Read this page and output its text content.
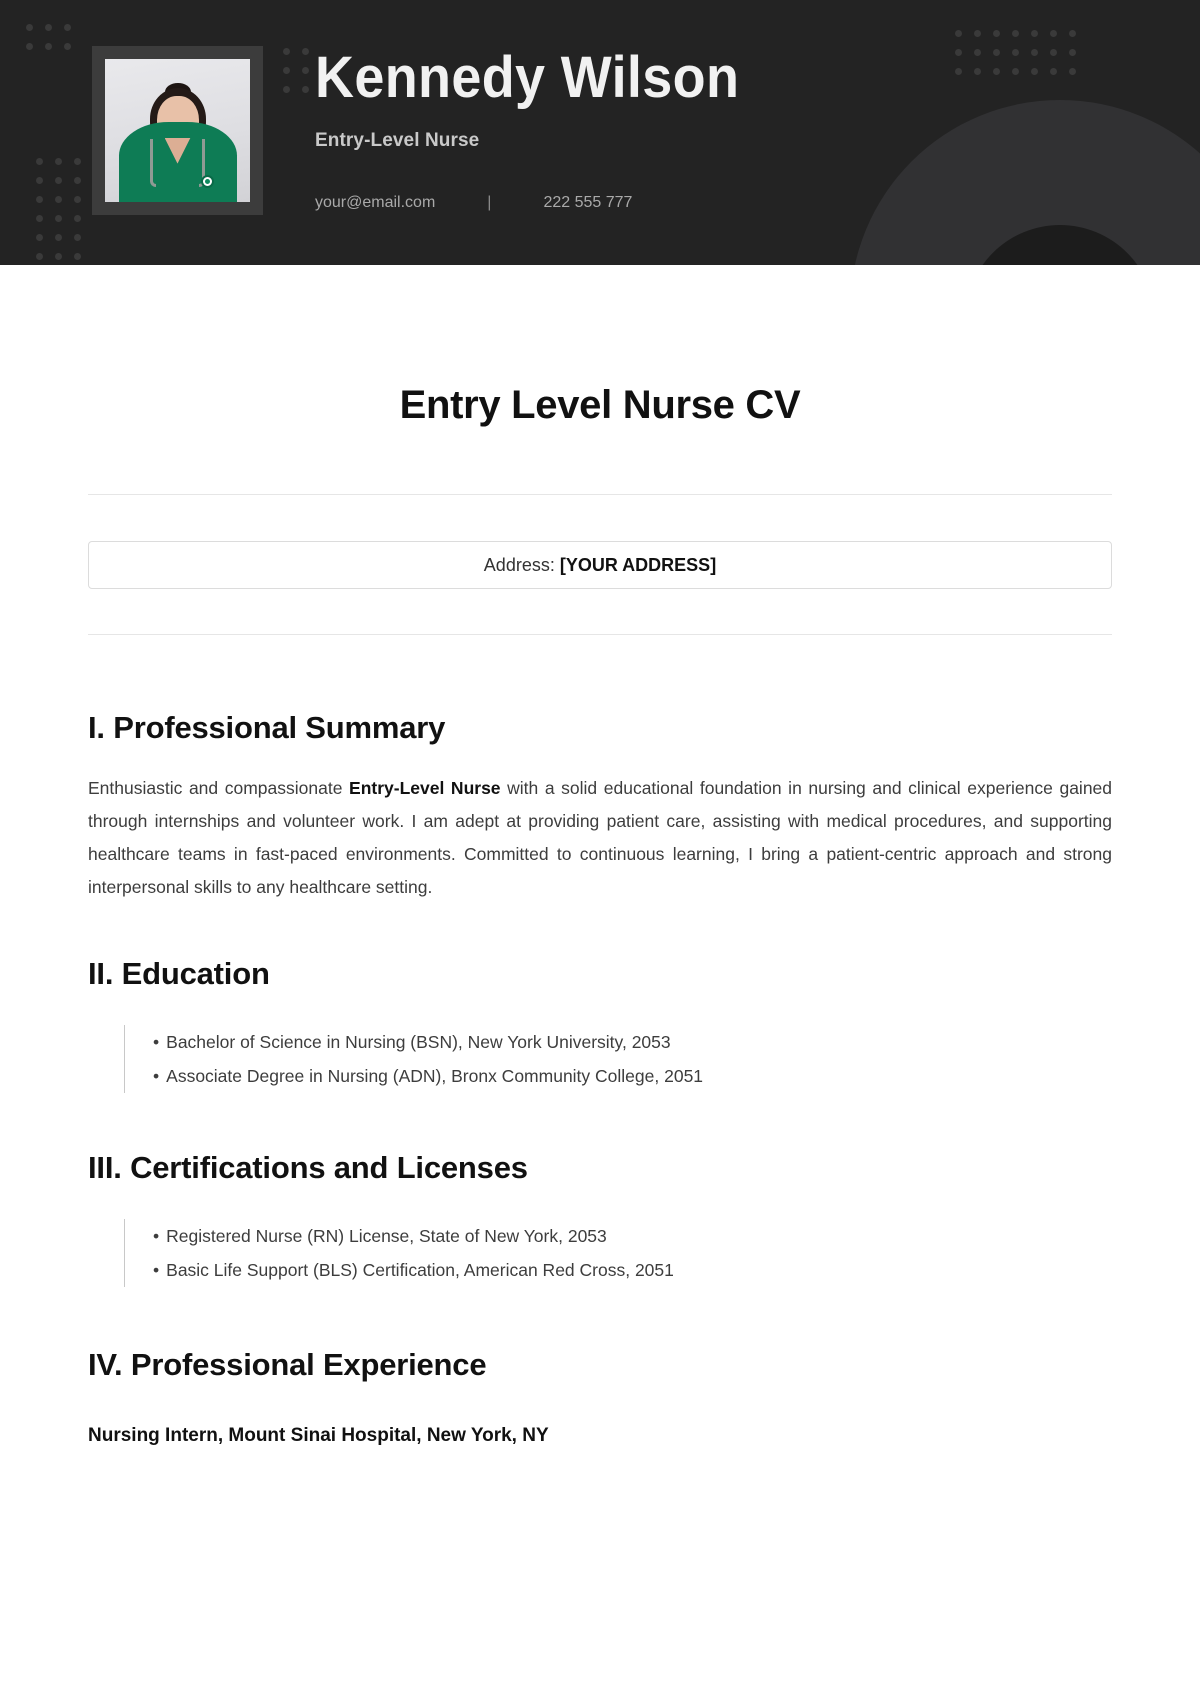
Kennedy Wilson
Entry-Level Nurse
your@email.com	|	222 555 777
Entry Level Nurse CV
Address: [YOUR ADDRESS]
I. Professional Summary

Enthusiastic and compassionate Entry-Level Nurse with a solid educational foundation in nursing and clinical experience gained through internships and volunteer work. I am adept at providing patient care, assisting with medical procedures, and supporting healthcare teams in fast-paced environments. Committed to continuous learning, I bring a patient-centric approach and strong interpersonal skills to any healthcare setting.

II. Education
• Bachelor of Science in Nursing (BSN), New York University, 2053
• Associate Degree in Nursing (ADN), Bronx Community College, 2051
III. Certifications and Licenses
• Registered Nurse (RN) License, State of New York, 2053
• Basic Life Support (BLS) Certification, American Red Cross, 2051
IV. Professional Experience
Nursing Intern, Mount Sinai Hospital, New York, NY
